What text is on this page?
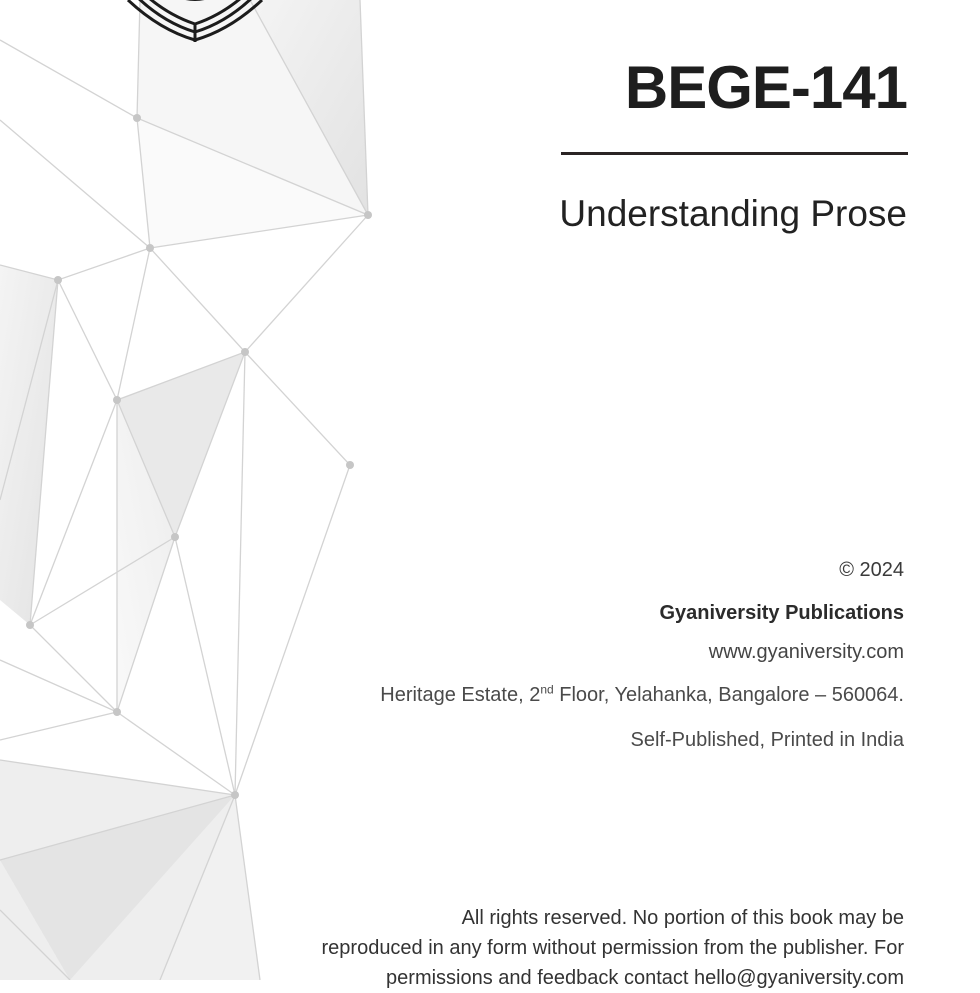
BEGE-141
Understanding Prose
© 2024
Gyaniversity Publications
www.gyaniversity.com
Heritage Estate, 2nd Floor, Yelahanka, Bangalore – 560064.
Self-Published, Printed in India

All rights reserved. No portion of this book may be
reproduced in any form without permission from the publisher. For
permissions and feedback contact hello@gyaniversity.com
